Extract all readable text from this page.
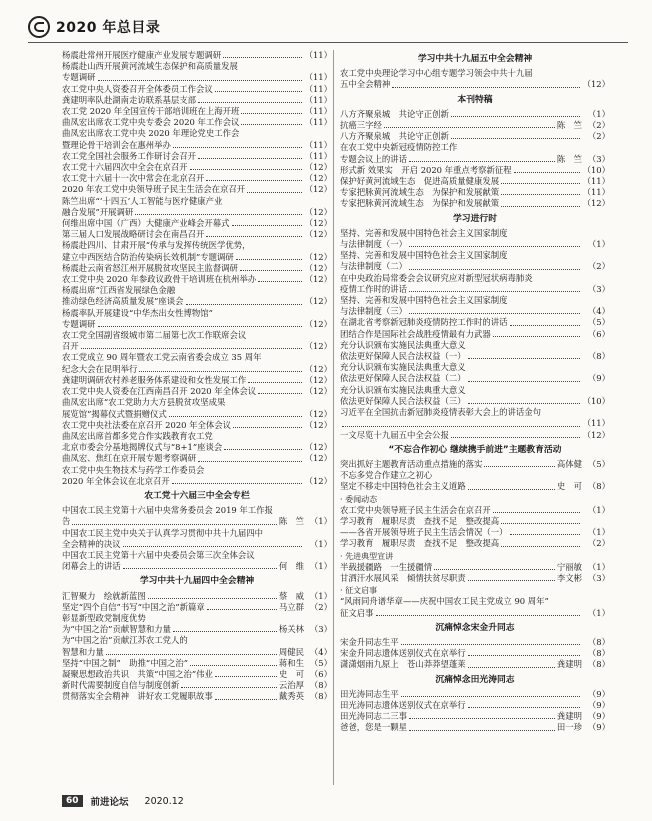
2020 年总目录
杨震赴常州开展医疗健康产业发展专题调研	（11）
杨震赴山西开展黄河流域生态保护和高质量发展
专题调研	（11）
农工党中央人资委召开全体委员工作会议	（11）
龚建明率队赴湖南走访联系基层支部	（11）
农工党 2020 年全国宣传干部培训班在上海开班	（11）
曲凤宏出席农工党中央专委会 2020 年工作会议	（11）
曲凤宏出席农工党中央 2020 年理论党史工作会
暨理论骨干培训会在惠州举办	（11）
农工党全国社会服务工作研讨会召开	（11）
农工党十六届四次中全会在京召开	（12）
农工党十六届十一次中常会在北京召开	（12）
2020 年农工党中央领导班子民主生活会在京召开	（12）
陈竺出席“‘十四五’人工智能与医疗健康产业
融合发展”开展调研	（12）
何维出席中国（广西）大健康产业峰会开幕式	（12）
第三届人口发展战略研讨会在南昌召开	（12）
杨震赴四川、甘肃开展“传承与发挥传统医学优势，
建立中西医结合防治传染病长效机制”专题调研	（12）
杨震赴云南省怒江州开展脱贫攻坚民主监督调研	（12）
农工党中央 2020 年参政议政骨干培训班在杭州举办	（12）
杨震出席“江西省发展绿色金融
推动绿色经济高质量发展”座谈会	（12）
杨震率队开展建设“中华杰出女性博物馆”
专题调研	（12）
农工党全国副省级城市第二届第七次工作联席会议
召开	（12）
农工党成立 90 周年暨农工党云南省委会成立 35 周年
纪念大会在昆明举行	（12）
龚建明调研农村养老服务体系建设和女性发展工作	（12）
农工党中央人资委在江西南昌召开 2020 年全体会议	（12）
曲凤宏出席“农工党助力大方县脱贫攻坚成果
展览馆”揭幕仪式暨捐赠仪式	（12）
农工党中央社法委在京召开 2020 年全体会议	（12）
曲凤宏出席首都多党合作实践教育农工党
北京市委会分基地揭牌仪式与“8+1”座谈会	（12）
曲凤宏、焦红在京开展专题考察调研	（12）
农工党中央生物技术与药学工作委员会
2020 年全体会议在北京召开	（12）
农工党十六届三中全会专栏
中国农工民主党第十六届中央常务委员会 2019 年工作报
告	陈　竺 （1）
中国农工民主党中央关于认真学习贯彻中共十九届四中
全会精神的决议	（1）
中国农工民主党第十六届中央委员会第三次全体会议
闭幕会上的讲话	何　维 （1）
学习中共十九届四中全会精神
汇智聚力　绘就新蓝图	蔡　威 （1）
坚定“四个自信”书写“中国之治”新篇章	马立群 （2）
彰显新型政党制度优势
为“中国之治”贡献智慧和力量	杨关林 （3）
为“中国之治”贡献江苏农工党人的
智慧和力量	周健民 （4）
坚持“中国之制”　助推“中国之治”	蒋和生 （5）
凝聚思想政治共识　共策“中国之治”伟业	史　可 （6）
新时代需要制度自信与制度创新	云治厚 （8）
贯彻落实全会精神　讲好农工党履职故事	戴秀英 （8）
学习中共十九届五中全会精神
农工党中央理论学习中心组专题学习领会中共十九届
五中全会精神	（12）
本刊特稿
八方齐聚泉城　共论守正创新	（1）
抗癌三字经	陈　竺 （2）
八方齐聚泉城　共论守正创新	（2）
在农工党中央新冠疫情防控工作
专题会议上的讲话	陈　竺 （3）
形式新 效果实　开启 2020 年重点考察新征程	（10）
保护好黄河流域生态　促进高质量健康发展	（11）
专家把脉黄河流域生态　为保护和发展献策	（11）
专家把脉黄河流域生态　为保护和发展献策	（12）
学习进行时
坚持、完善和发展中国特色社会主义国家制度
与法律制度（一）	（1）
坚持、完善和发展中国特色社会主义国家制度
与法律制度（二）	（2）
在中央政治局常委会会议研究应对新型冠状病毒肺炎
疫情工作时的讲话	（3）
坚持、完善和发展中国特色社会主义国家制度
与法律制度（三）	（4）
在湖北省考察新冠肺炎疫情防控工作时的讲话	（5）
团结合作是国际社会战胜疫情最有力武器	（6）
充分认识颁布实施民法典重大意义
依法更好保障人民合法权益（一）	（8）
充分认识颁布实施民法典重大意义
依法更好保障人民合法权益（二）	（9）
充分认识颁布实施民法典重大意义
依法更好保障人民合法权益（三）	（10）
习近平在全国抗击新冠肺炎疫情表彰大会上的讲话金句
（11）
一文尽览十九届五中全会公报	（12）
“不忘合作初心 继续携手前进”主题教育活动
突出抓好主题教育活动重点措施的落实	高体健 （5）
不忘多党合作建立之初心
坚定不移走中国特色社会主义道路	史　可 （8）
· 委闻动态
农工党中央领导班子民主生活会在京召开	（1）
学习教育　履职尽责　查找不足　整改提高
——各省开展领导班子民主生活会情况（一）	（1）
学习教育　履职尽责　查找不足　整改提高	（2）
· 先进典型宣讲
半载援疆路　一生援疆情	宁丽敏 （1）
甘洒汗水展风采　倾情扶贫尽职责	李文彬 （3）
· 征文启事
“风雨同舟谱华章——庆祝中国农工民主党成立 90 周年”
征文启事	（1）
沉痛悼念宋金升同志
宋金升同志生平	（8）
宋金升同志遗体送别仪式在京举行	（8）
潇潇烟雨九原上　苍山莽莽望蓬莱	龚建明 （8）
沉痛悼念田光涛同志
田光涛同志生平	（9）
田光涛同志遗体送别仪式在京举行	（9）
田光涛同志二三事	龚建明 （9）
爸爸，您是一颗星	田一珍 （9）
60	前进论坛 2020.12
